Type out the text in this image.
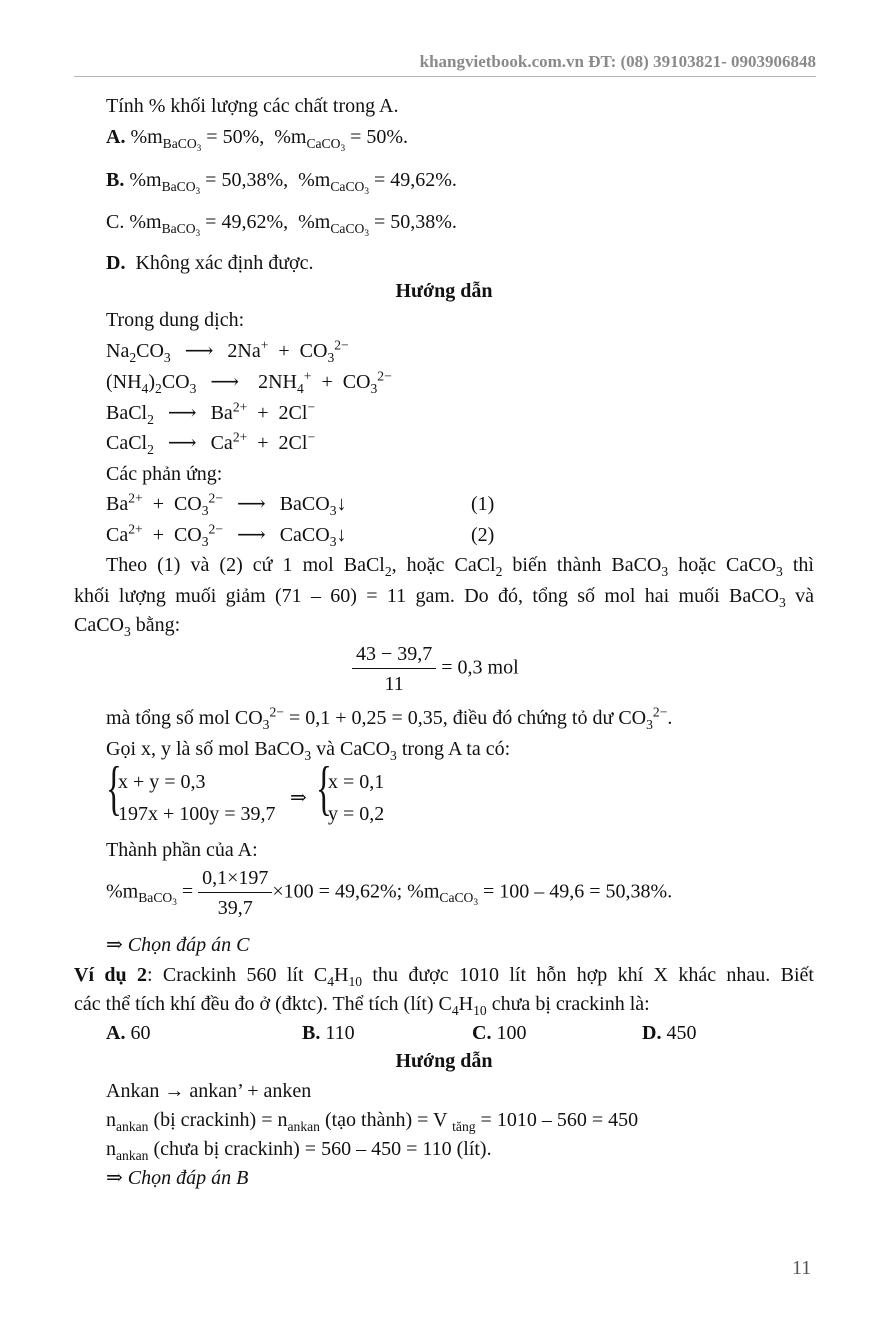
khangvietbook.com.vn ĐT: (08) 39103821- 0903906848
Tính % khối lượng các chất trong A.
A. $\%m_{BaCO_3} = 50\%$,  $\%m_{CaCO_3} = 50\%$.
B. $\%m_{BaCO_3} = 50,38\%$,  $\%m_{CaCO_3} = 49,62\%$.
C. $\%m_{BaCO_3} = 49,62\%$,  $\%m_{CaCO_3} = 50,38\%$.
D. Không xác định được.
Hướng dẫn
Trong dung dịch:
$Na_2CO_3$ ⟶ $2Na^+ + CO_3^{2-}$
$(NH_4)_2CO_3$ ⟶ $2NH_4^+ + CO_3^{2-}$
BaCl$_2$ ⟶ $Ba^{2+} + 2Cl^-$
CaCl$_2$ ⟶ $Ca^{2+} + 2Cl^-$
Các phản ứng:
$Ba^{2+} + CO_3^{2-}$ ⟶ BaCO$_3$↓	(1)
$Ca^{2+} + CO_3^{2-}$ ⟶ CaCO$_3$↓	(2)
Theo (1) và (2) cứ 1 mol BaCl$_2$, hoặc CaCl$_2$ biến thành BaCO$_3$ hoặc CaCO$_3$ thì
khối lượng muối giảm (71 – 60) = 11 gam. Do đó, tổng số mol hai muối BaCO$_3$ và
CaCO$_3$ bằng:
$\frac{43 - 39,7}{11} = 0,3$ mol
mà tổng số mol $CO_3^{2-} = 0,1 + 0,25 = 0,35$, điều đó chứng tỏ dư $CO_3^{2-}$.
Gọi x, y là số mol BaCO$_3$ và CaCO$_3$ trong A ta có:
{
x + y = 0,3
197x + 100y = 39,7
⇒ {
x = 0,1
y = 0,2
Thành phần của A:
$\%m_{BaCO_3} = \frac{0,1\times 197}{39,7} \times 100 = 49,62\%$; $\%m_{CaCO_3} = 100 - 49,6 = 50,38\%$.
⇒ Chọn đáp án C
Ví dụ 2: Crackinh 560 lít $C_4H_{10}$ thu được 1010 lít hỗn hợp khí X khác nhau. Biết
các thể tích khí đều đo ở (đktc). Thể tích (lít) $C_4H_{10}$ chưa bị crackinh là:
A. 60	B. 110	C. 100	D. 450
Hướng dẫn
Ankan → ankan’ + anken
$n_{ankan}$ (bị crackinh) = $n_{ankan}$ (tạo thành) = V $_{tăng}$ = 1010 – 560 = 450
$n_{ankan}$ (chưa bị crackinh) = 560 – 450 = 110 (lít).
⇒ Chọn đáp án B
11
